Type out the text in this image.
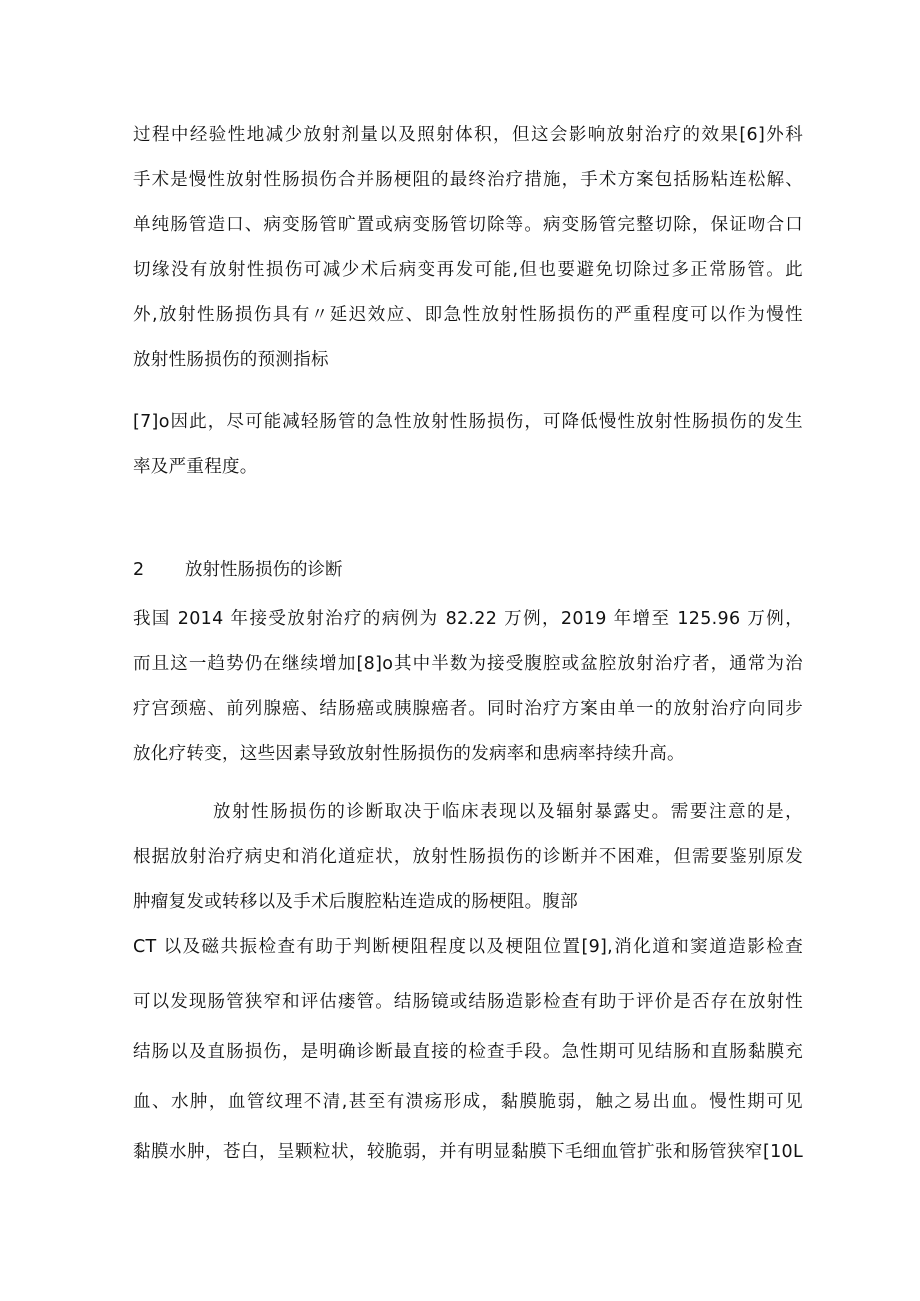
过程中经验性地减少放射剂量以及照射体积，但这会影响放射治疗的效果[6]外科
手术是慢性放射性肠损伤合并肠梗阻的最终治疗措施，手术方案包括肠粘连松解、
单纯肠管造口、病变肠管旷置或病变肠管切除等。病变肠管完整切除，保证吻合口
切缘没有放射性损伤可减少术后病变再发可能,但也要避免切除过多正常肠管。此
外,放射性肠损伤具有〃延迟效应、即急性放射性肠损伤的严重程度可以作为慢性
放射性肠损伤的预测指标
[7]o因此，尽可能减轻肠管的急性放射性肠损伤，可降低慢性放射性肠损伤的发生
率及严重程度。
2 放射性肠损伤的诊断
我国 2014 年接受放射治疗的病例为 82.22 万例，2019 年增至 125.96 万例，
而且这一趋势仍在继续增加[8]o其中半数为接受腹腔或盆腔放射治疗者，通常为治
疗宫颈癌、前列腺癌、结肠癌或胰腺癌者。同时治疗方案由单一的放射治疗向同步
放化疗转变，这些因素导致放射性肠损伤的发病率和患病率持续升高。
放射性肠损伤的诊断取决于临床表现以及辐射暴露史。需要注意的是，
根据放射治疗病史和消化道症状，放射性肠损伤的诊断并不困难，但需要鉴别原发
肿瘤复发或转移以及手术后腹腔粘连造成的肠梗阻。腹部
CT 以及磁共振检查有助于判断梗阻程度以及梗阻位置[9],消化道和窦道造影检查
可以发现肠管狭窄和评估瘘管。结肠镜或结肠造影检查有助于评价是否存在放射性
结肠以及直肠损伤，是明确诊断最直接的检查手段。急性期可见结肠和直肠黏膜充
血、水肿，血管纹理不清,甚至有溃疡形成，黏膜脆弱，触之易出血。慢性期可见
黏膜水肿，苍白，呈颗粒状，较脆弱，并有明显黏膜下毛细血管扩张和肠管狭窄[10L
